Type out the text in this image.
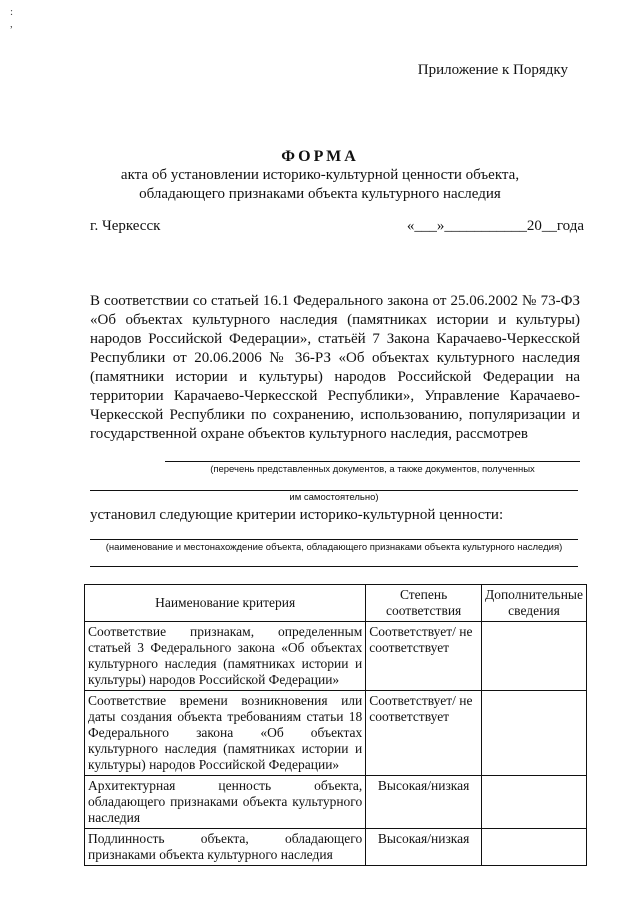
:
,
Приложение к Порядку
ФОРМА
акта об установлении историко-культурной ценности объекта,
обладающего признаками объекта культурного наследия
г. Черкесск	«___»___________20__года
В соответствии со статьей 16.1 Федерального закона от 25.06.2002 № 73-ФЗ «Об объектах культурного наследия (памятниках истории и культуры) народов Российской Федерации», статьёй 7 Закона Карачаево-Черкесской Республики от 20.06.2006 № 36-РЗ «Об объектах культурного наследия (памятники истории и культуры) народов Российской Федерации на территории Карачаево-Черкесской Республики», Управление Карачаево-Черкесской Республики по сохранению, использованию, популяризации и государственной охране объектов культурного наследия, рассмотрев
(перечень представленных документов, а также документов, полученных
им самостоятельно)
установил следующие критерии историко-культурной ценности:
(наименование и местонахождение объекта, обладающего признаками объекта культурного наследия)
Наименование критерия	Степень соответствия	Дополнительные сведения
Соответствие признакам, определенным статьей 3 Федерального закона «Об объектах культурного наследия (памятниках истории и культуры) народов Российской Федерации»	Соответствует/ не соответствует	
Соответствие времени возникновения или даты создания объекта требованиям статьи 18 Федерального закона «Об объектах культурного наследия (памятниках истории и культуры) народов Российской Федерации»	Соответствует/ не соответствует	
Архитектурная ценность объекта, обладающего признаками объекта культурного наследия	Высокая/низкая	
Подлинность объекта, обладающего признаками объекта культурного наследия	Высокая/низкая	
